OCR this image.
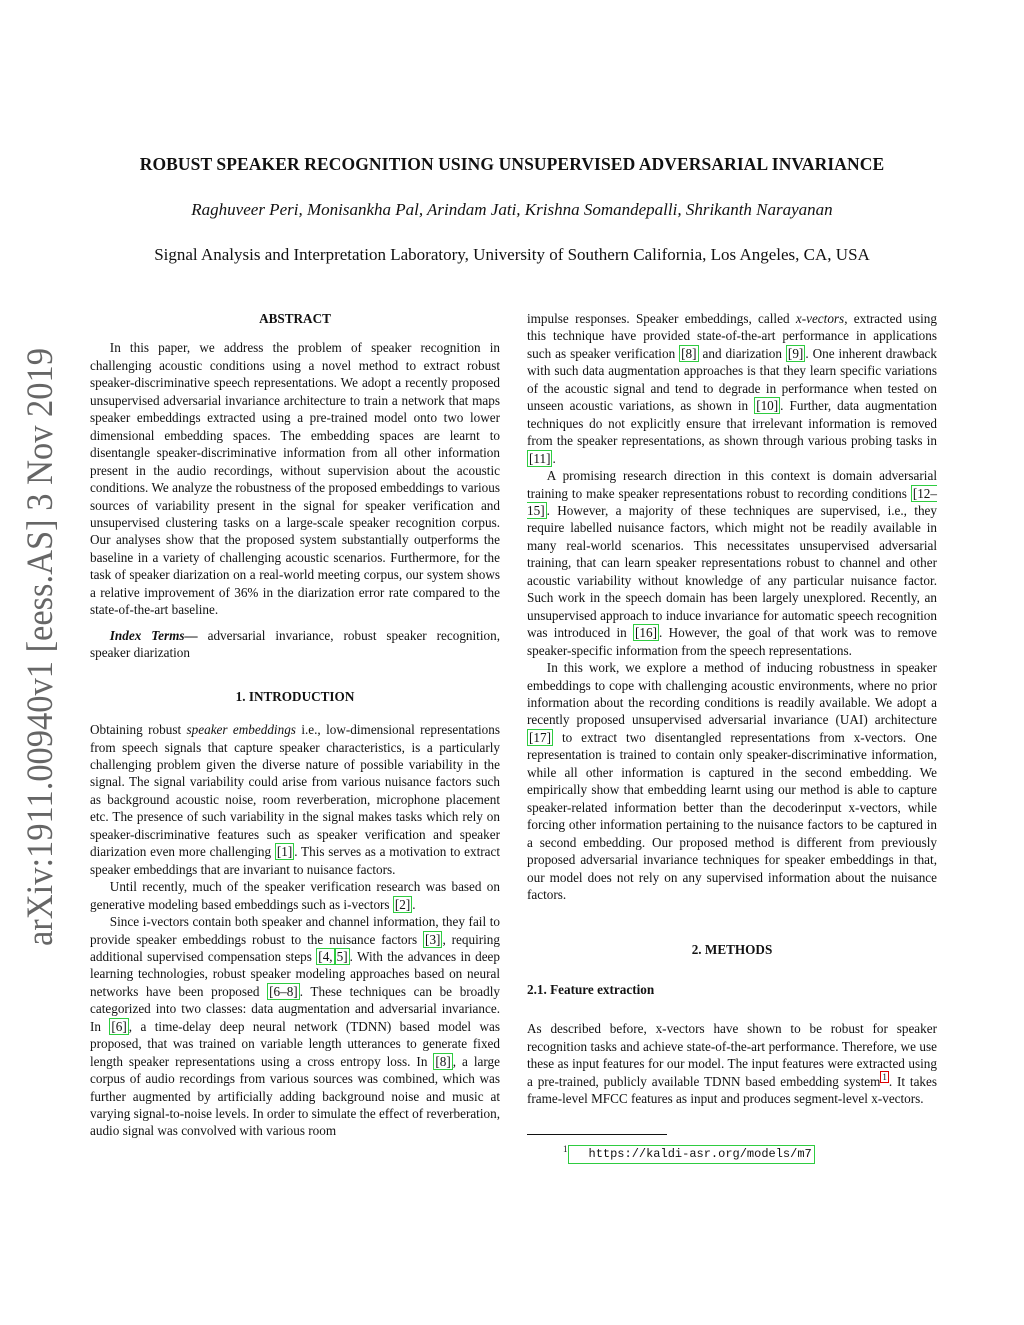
arXiv:1911.00940v1 [eess.AS] 3 Nov 2019
ROBUST SPEAKER RECOGNITION USING UNSUPERVISED ADVERSARIAL INVARIANCE
Raghuveer Peri, Monisankha Pal, Arindam Jati, Krishna Somandepalli, Shrikanth Narayanan
Signal Analysis and Interpretation Laboratory, University of Southern California, Los Angeles, CA, USA
ABSTRACT

In this paper, we address the problem of speaker recognition in challenging acoustic conditions using a novel method to extract robust speaker-discriminative speech representations. We adopt a recently proposed unsupervised adversarial invariance architecture to train a network that maps speaker embeddings extracted using a pre-trained model onto two lower dimensional embedding spaces. The embedding spaces are learnt to disentangle speaker-discriminative information from all other information present in the audio recordings, without supervision about the acoustic conditions. We analyze the robustness of the proposed embeddings to various sources of variability present in the signal for speaker verification and unsupervised clustering tasks on a large-scale speaker recognition corpus. Our analyses show that the proposed system substantially outperforms the baseline in a variety of challenging acoustic scenarios. Furthermore, for the task of speaker diarization on a real-world meeting corpus, our system shows a relative improvement of 36% in the diarization error rate compared to the state-of-the-art baseline.

Index Terms— adversarial invariance, robust speaker recognition, speaker diarization

1. INTRODUCTION

Obtaining robust speaker embeddings i.e., low-dimensional representations from speech signals that capture speaker characteristics, is a particularly challenging problem given the diverse nature of possible variability in the signal. The signal variability could arise from various nuisance factors such as background acoustic noise, room reverberation, microphone placement etc. The presence of such variability in the signal makes tasks which rely on speaker-discriminative features such as speaker verification and speaker diarization even more challenging [1] . This serves as a motivation to extract speaker embeddings that are invariant to nuisance factors.

Until recently, much of the speaker verification research was based on generative modeling based embeddings such as i-vectors [2] .

Since i-vectors contain both speaker and channel information, they fail to provide speaker embeddings robust to the nuisance factors [3] , requiring additional supervised compensation steps [4, 5] . With the advances in deep learning technologies, robust speaker modeling approaches based on neural networks have been proposed [6–8] . These techniques can be broadly categorized into two classes: data augmentation and adversarial invariance. In [6] , a time-delay deep neural network (TDNN) based model was proposed, that was trained on variable length utterances to generate fixed length speaker representations using a cross entropy loss. In [8] , a large corpus of audio recordings from various sources was combined, which was further augmented by artificially adding background noise and music at varying signal-to-noise levels. In order to simulate the effect of reverberation, audio signal was convolved with various room

impulse responses. Speaker embeddings, called x-vectors, extracted using this technique have provided state-of-the-art performance in applications such as speaker verification [8] and diarization [9] . One inherent drawback with such data augmentation approaches is that they learn specific variations of the acoustic signal and tend to degrade in performance when tested on unseen acoustic variations, as shown in [10] . Further, data augmentation techniques do not explicitly ensure that irrelevant information is removed from the speaker representations, as shown through various probing tasks in [11] .

A promising research direction in this context is domain adversarial training to make speaker representations robust to recording conditions [12–15] . However, a majority of these techniques are supervised, i.e., they require labelled nuisance factors, which might not be readily available in many real-world scenarios. This necessitates unsupervised adversarial training, that can learn speaker representations robust to channel and other acoustic variability without knowledge of any particular nuisance factor. Such work in the speech domain has been largely unexplored. Recently, an unsupervised approach to induce invariance for automatic speech recognition was introduced in [16] . However, the goal of that work was to remove speaker-specific information from the speech representations.

In this work, we explore a method of inducing robustness in speaker embeddings to cope with challenging acoustic environments, where no prior information about the recording conditions is readily available. We adopt a recently proposed unsupervised adversarial invariance (UAI) architecture [17] to extract two disentangled representations from x-vectors. One representation is trained to contain only speaker-discriminative information, while all other information is captured in the second embedding. We empirically show that embedding learnt using our method is able to capture speaker-related information better than the decoderinput x-vectors, while forcing other information pertaining to the nuisance factors to be captured in a second embedding. Our proposed method is different from previously proposed adversarial invariance techniques for speaker embeddings in that, our model does not rely on any supervised information about the nuisance factors.

2. METHODS
2.1. Feature extraction

As described before, x-vectors have shown to be robust for speaker recognition tasks and achieve state-of-the-art performance. Therefore, we use these as input features for our model. The input features were extracted using a pre-trained, publicly available TDNN based embedding system $^1$ . It takes frame-level MFCC features as input and produces segment-level x-vectors.

$^1$ https://kaldi-asr.org/models/m7
